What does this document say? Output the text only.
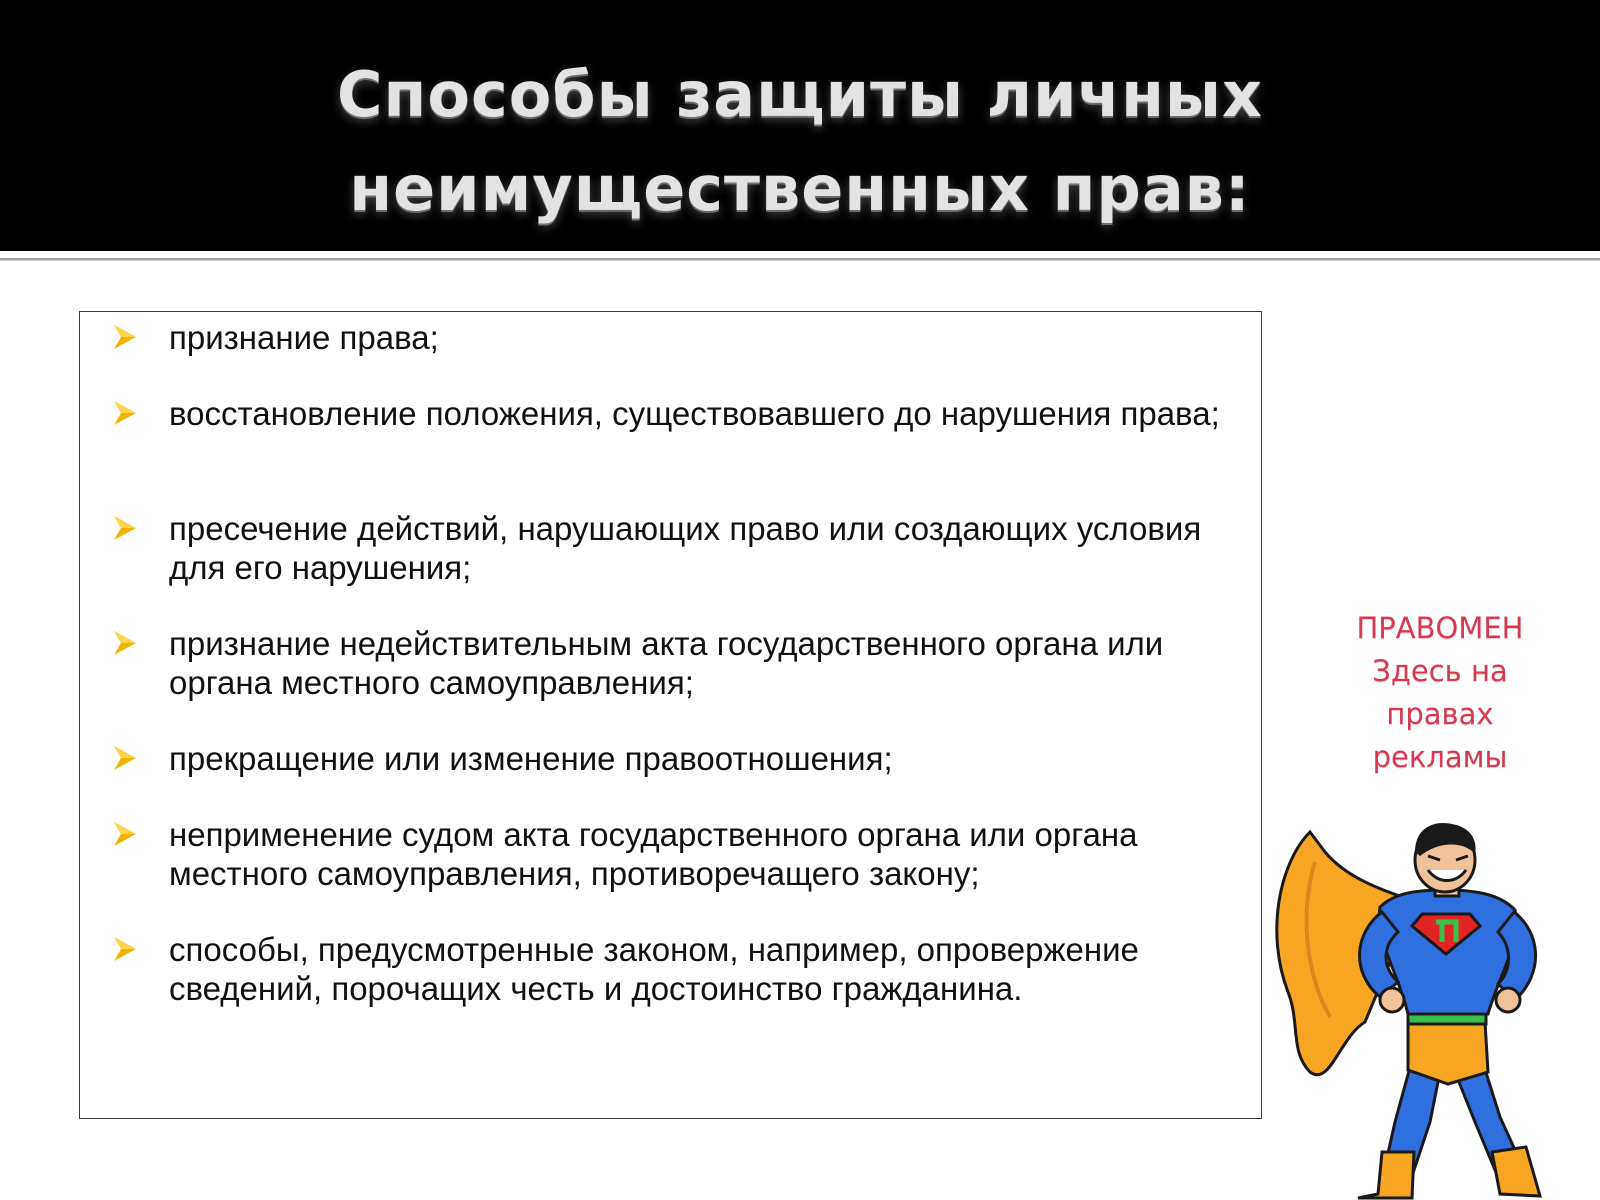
Способы защиты личных
неимущественных прав:
признание права;
восстановление положения, существовавшего до нарушения права;
пресечение действий, нарушающих право или создающих условия для его нарушения;
признание недействительным акта государственного органа или органа местного самоуправления;
прекращение или изменение правоотношения;
неприменение судом акта государственного органа или органа местного самоуправления, противоречащего закону;
способы, предусмотренные законом, например, опровержение сведений, порочащих честь и достоинство гражданина.

ПРАВОМЕН
Здесь на
правах
рекламы
